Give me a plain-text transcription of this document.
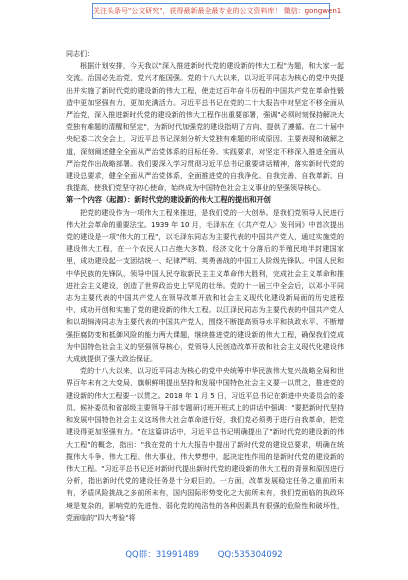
关注头条号"公文研究"，获得最新最全最专业的公文资料库！ 微信：gongwen1

同志们：

根据计划安排，今天我以"深入推进新时代党的建设新的伟大工程"为题，和大家一起交流。治国必先治党，党兴才能国强。党的十八大以来，以习近平同志为核心的党中央提出并实施了新时代党的建设新的伟大工程，使走过百年奋斗历程的中国共产党在革命性锻造中更加坚强有力，更加充满活力。习近平总书记在党的二十大报告中对坚定不移全面从严治党，深入推进新时代党的建设新的伟大工程作出重要部署，强调"必须时刻保持解决大党独有难题的清醒和坚定"，为新时代加强党的建设指明了方向、提供了遵循。在二十届中央纪委二次全会上，习近平总书记深刻分析大党独有难题的形成原因、主要表现和破解之道，深刻阐述健全全面从严治党体系的目标任务、实践要求，对坚定不移深入推进全面从严治党作出战略部署。我们要深入学习贯彻习近平总书记重要讲话精神，落实新时代党的建设总要求，健全全面从严治党体系，全面推进党的自我净化、自我完善、自我革新、自我提高，使我们党坚守初心使命，始终成为中国特色社会主义事业的坚强领导核心。

第一个内容（起源）：新时代党的建设新的伟大工程的提出和开创

把党的建设作为一项伟大工程来推进，是我们党的一大创举。是我们党领导人民进行伟大社会革命的重要法宝。1939 年 10 月，毛泽东在《〈共产党人〉发刊词》中首次提出党的建设是一项"伟大的工程"，以毛泽东同志为主要代表的中国共产党人，通过实施党的建设伟大工程，在一个农民人口占绝大多数、经济文化十分落后的半殖民地半封建国家里，成功建设起一支团结统一、纪律严明、英勇善战的中国工人阶级先锋队。中国人民和中华民族的先锋队，领导中国人民夺取新民主主义革命伟大胜利，完成社会主义革命和推进社会主义建设，创造了世界政治史上罕见的壮举。党的十一届三中全会后，以邓小平同志为主要代表的中国共产党人在领导改革开放和社会主义现代化建设新局面的历史进程中，成功开创和实施了党的建设新的伟大工程。以江泽民同志为主要代表的中国共产党人和以胡锦涛同志为主要代表的中国共产党人，围绕不断提高领导水平和执政水平、不断增强拒腐防变和抵御风险的能力两大课题，继续推进党的建设新的伟大工程，确保我们党成为中国特色社会主义的坚强领导核心，党领导人民创造改革开放和社会主义现代化建设伟大成就提供了强大政治保证。

党的十八大以来，以习近平同志为核心的党中央统筹中华民族伟大复兴战略全局和世界百年未有之大变局，旗帜鲜明提出坚持和发展中国特色社会主义要一以贯之，推进党的建设新的伟大工程要一以贯之。2018 年 1 月 5 日，习近平总书记在新进中央委员会的委员、候补委员和省部级主要领导干部专题研讨班开班式上的讲话中强调："要把新时代坚持和发展中国特色社会主义这场伟大社会革命进行好，我们党必须勇于进行自我革命，把党建设得更加坚强有力。"在这篇讲话中，习近平总书记明确提出了"新时代党的建设新的伟大工程"的概念，指出："我在党的十九大报告中提出了新时代党的建设总要求，明确在统揽伟大斗争、伟大工程、伟大事业、伟大梦想中，起决定性作用的是新时代党的建设新的伟大工程。"习近平总书记还对新时代提出新时代党的建设新的伟大工程的背景和原因进行分析，指出新时代党的建设任务是十分艰巨的。一方面，改革发展稳定任务之重前所未有，矛盾风险挑战之多前所未有，国内国际形势变化之大前所未有，我们党面临的执政环境是复杂的，影响党的先进性、弱化党的纯洁性的各种因素具有很强的危险性和破坏性，党面临的"四大考验"将

QQ群：31991489 QQ:535304092
